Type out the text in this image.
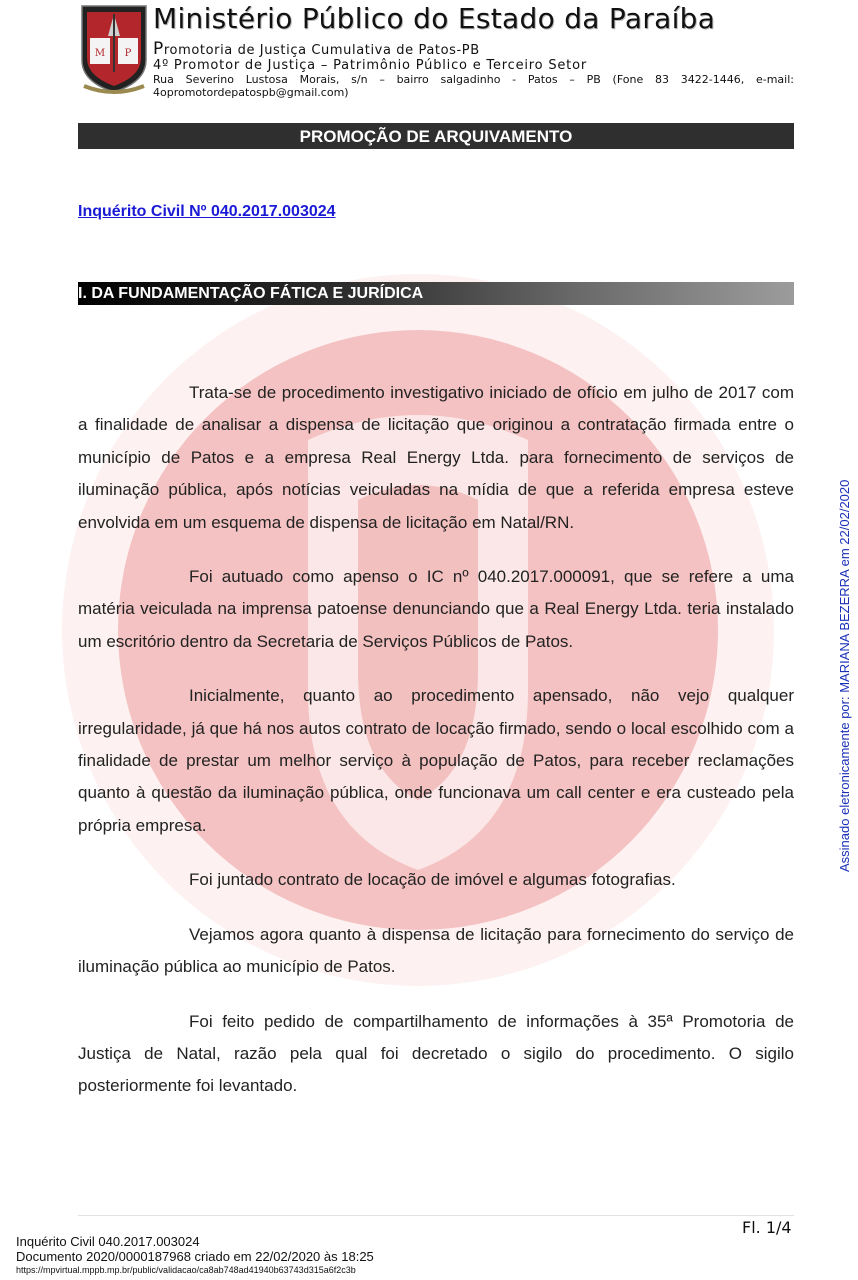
M P
Ministério Público do Estado da Paraíba
Promotoria de Justiça Cumulativa de Patos-PB
4º Promotor de Justiça – Patrimônio Público e Terceiro Setor
Rua Severino Lustosa Morais, s/n – bairro salgadinho - Patos – PB (Fone 83 3422-1446, e-mail:
4opromotordepatospb@gmail.com)
PROMOÇÃO DE ARQUIVAMENTO
Inquérito Civil Nº 040.2017.003024
I. DA FUNDAMENTAÇÃO FÁTICA E JURÍDICA

Trata-se de procedimento investigativo iniciado de ofício em julho de 2017 com a finalidade de analisar a dispensa de licitação que originou a contratação firmada entre o município de Patos e a empresa Real Energy Ltda. para fornecimento de serviços de iluminação pública, após notícias veiculadas na mídia de que a referida empresa esteve envolvida em um esquema de dispensa de licitação em Natal/RN.

Foi autuado como apenso o IC nº 040.2017.000091, que se refere a uma matéria veiculada na imprensa patoense denunciando que a Real Energy Ltda. teria instalado um escritório dentro da Secretaria de Serviços Públicos de Patos.

Inicialmente, quanto ao procedimento apensado, não vejo qualquer irregularidade, já que há nos autos contrato de locação firmado, sendo o local escolhido com a finalidade de prestar um melhor serviço à população de Patos, para receber reclamações quanto à questão da iluminação pública, onde funcionava um call center e era custeado pela própria empresa.

Foi juntado contrato de locação de imóvel e algumas fotografias.

Vejamos agora quanto à dispensa de licitação para fornecimento do serviço de iluminação pública ao município de Patos.

Foi feito pedido de compartilhamento de informações à 35ª Promotoria de Justiça de Natal, razão pela qual foi decretado o sigilo do procedimento. O sigilo posteriormente foi levantado.

Assinado eletronicamente por: MARIANA BEZERRA em 22/02/2020
Fl. 1/4
Inquérito Civil 040.2017.003024
Documento 2020/0000187968 criado em 22/02/2020 às 18:25
https://mpvirtual.mppb.mp.br/public/validacao/ca8ab748ad41940b63743d315a6f2c3b
